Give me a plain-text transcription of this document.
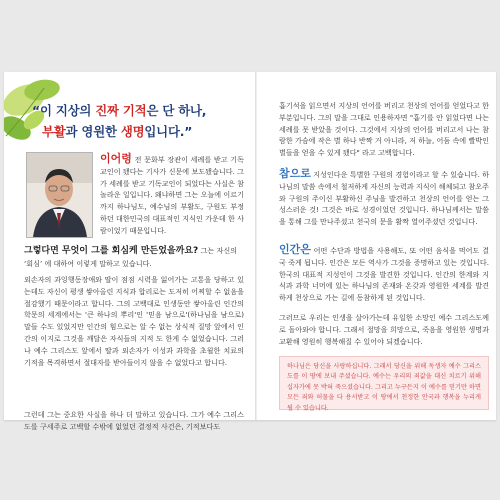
“이 지상의 진짜 기적은 단 하나,
부활과 영원한 생명입니다.”

이어령 전 문화부 장관이 세례를 받고 기독교인이 됐다는 기사가 신문에 보도됐습니다. 그가 세례를 받고 기독교인이 되었다는 사실은 참 놀라운 일입니다. 왜냐하면 그는 오늘에 이르기까지 하나님도, 예수님의 부활도, 구원도 부정하던 대한민국의 대표적인 지식인 가운데 한 사람이었기 때문입니다.

그렇다면 무엇이 그를 회심케 만든었을까요? 그는 자신의 ‘회심’ 에 대하여 이렇게 말하고 있습니다.

외손자의 과잉행동장애와 딸이 점점 시력을 잃어가는 고통을 당하고 있는데도 자신이 평생 쌓아올린 지식과 합리로는 도저히 어찌할 수 없음을 절감했기 때문이라고 합니다. 그의 고백대로 인생동안 쌓아올린 인간의 학문의 세계에서는 '큰 하나의 뿌리'인 '믿음 남으로'(하나님을 남으로) 말들 수도 있었지만 인간의 힘으로는 알 수 없는 상식적 질망 앞에서 인간의 이지로 그것을 깨달은 자식들의 지적 도 한게 수 없었습니다. 그러나 예수 그리스도 앞에서 딸과 외손자가 이성과 과학을 초월한 치료의 기적을 목격하면서 절대자를 받아들이지 않을 수 없었다고 합니다.

그런데 그는 중요한 사실을 하나 더 말하고 있습니다. 그가 예수 그리스도를 구세주로 고백할 수밖에 없었던 결정적 사건은, 기적보다도

흡기석을 읽으면서 지상의 언어를 버리고 천상의 언어를 얻었다고 한 부분입니다. 그의 말을 그대로 인용하자면 "흡기를 안 읽었다면 나는 세례를 못 받았을 것이다. 그것에서 지상의 언어를 버리고서 나는 참람한 가슴에 작은 별 하나 반짝 거 아니라, 저 하늘, 어둠 속에 빨박인 별들을 얻을 수 있게 됐다" 라고 고백합니다.

참으로 지성인다운 특별한 구원의 경험이라고 할 수 있습니다. 하나님의 말씀 속에서 철저하게 자신의 능력과 지식이 해체되고 참오주와 구원의 주이신 부활하신 주님을 발견하고 천상의 언어를 얻는 그 성스러운 것! 그것은 바로 성경이었던 것입니다. 하나님께서는 말씀을 통해 그를 만나주셨고 천국의 문을 활짝 열어주셨던 것입니다.

인간은 어떤 수단과 방법을 사용해도, 또 어떤 음식을 먹어도 결국 죽게 됩니다. 인간은 모든 역사가 그것을 증명하고 있는 것입니다. 한국의 대표적 지성인이 그것을 발견한 것입니다. 인간의 한계와 지식과 과학 너머에 있는 하나님의 존재와 온갖과 영원한 세계를 발견하게 천상으로 가는 길에 동참하게 된 것입니다.

그러므로 우리는 인생을 살아가는데 유일한 소망인 예수 그리스도께로 돌아와야 합니다. 그래서 절망을 희망으로, 죽음을 영원한 생명과 교환해 영원히 행복해질 수 있어야 되겠습니다.

하나님은 당신을 사랑하십니다. 그래서 당신을 위해 독생자 예수 그리스도를 이 땅에 보내 주셨습니다. 예수는 우리의 죄값을 대신 치르기 위해 십자가에 못 박혀 죽으셨습니다. 그리고 누구든지 이 예수를 믿기만 하면 모든 죄와 허물을 다 용서받고 이 땅에서 천정한 안국과 행복을 누리게 될 수 있습니다.
